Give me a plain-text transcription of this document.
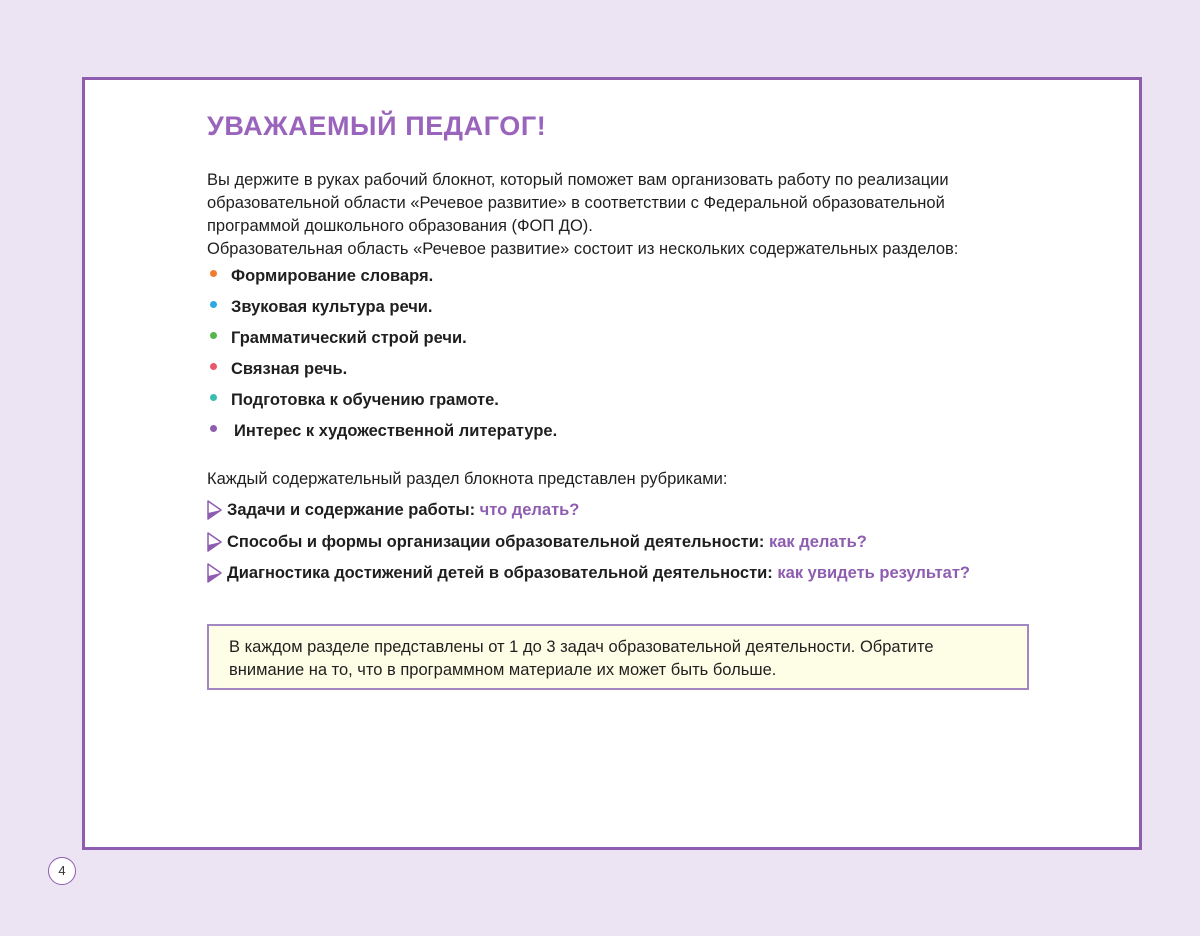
УВАЖАЕМЫЙ ПЕДАГОГ!

Вы держите в руках рабочий блокнот, который поможет вам организовать работу по реализации образовательной области «Речевое развитие» в соответствии с Федеральной образовательной программой дошкольного образования (ФОП ДО).

Образовательная область «Речевое развитие» состоит из нескольких содержательных разделов:

Формирование словаря.
Звуковая культура речи.
Грамматический строй речи.
Связная речь.
Подготовка к обучению грамоте.
Интерес к художественной литературе.

Каждый содержательный раздел блокнота представлен рубриками:

Задачи и содержание работы: что делать?
Способы и формы организации образовательной деятельности: как делать?
Диагностика достижений детей в образовательной деятельности: как увидеть результат?
В каждом разделе представлены от 1 до 3 задач образовательной деятельности. Обратите внимание на то, что в программном материале их может быть больше.
4
